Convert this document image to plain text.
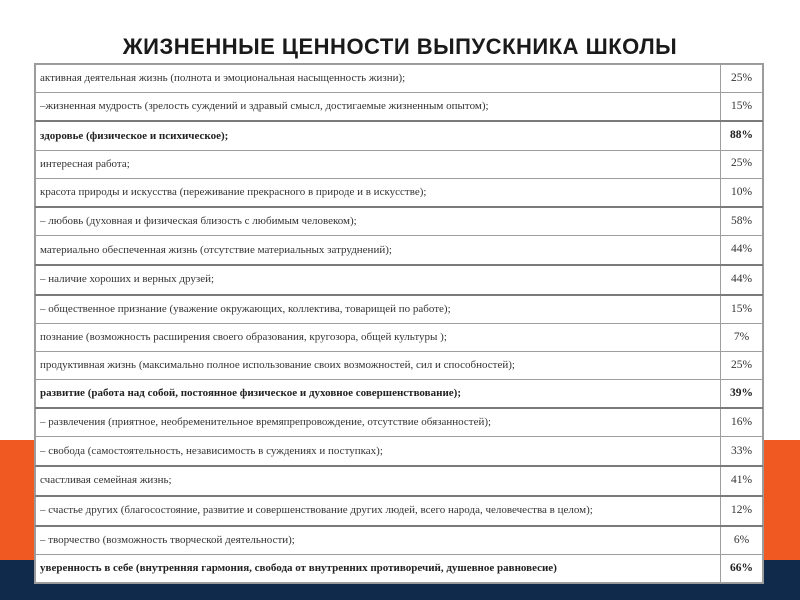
ЖИЗНЕННЫЕ ЦЕННОСТИ ВЫПУСКНИКА ШКОЛЫ
активная деятельная жизнь (полнота и эмоциональная насыщенность жизни);	25%
–жизненная мудрость (зрелость суждений и здравый смысл, достигаемые жизненным опытом);	15%
здоровье (физическое и психическое);	88%
интересная работа;	25%
красота природы и искусства (переживание прекрасного в природе и в искусстве);	10%
– любовь (духовная и физическая близость с любимым человеком);	58%
материально обеспеченная жизнь (отсутствие материальных затруднений);	44%
– наличие хороших и верных друзей;	44%
– общественное признание (уважение окружающих, коллектива, товарищей по работе);	15%
познание (возможность расширения своего образования, кругозора, общей культуры );	7%
продуктивная жизнь (максимально полное использование своих возможностей, сил и способностей);	25%
развитие (работа над собой, постоянное физическое и духовное совершенствование);	39%
– развлечения (приятное, необременительное времяпрепровождение, отсутствие обязанностей);	16%
– свобода (самостоятельность, независимость в суждениях и поступках);	33%
счастливая семейная жизнь;	41%
– счастье других (благосостояние, развитие и совершенствование других людей, всего народа, человечества в целом);	12%
– творчество (возможность творческой деятельности);	6%
уверенность в себе (внутренняя гармония, свобода от внутренних противоречий, душевное равновесие)	66%
